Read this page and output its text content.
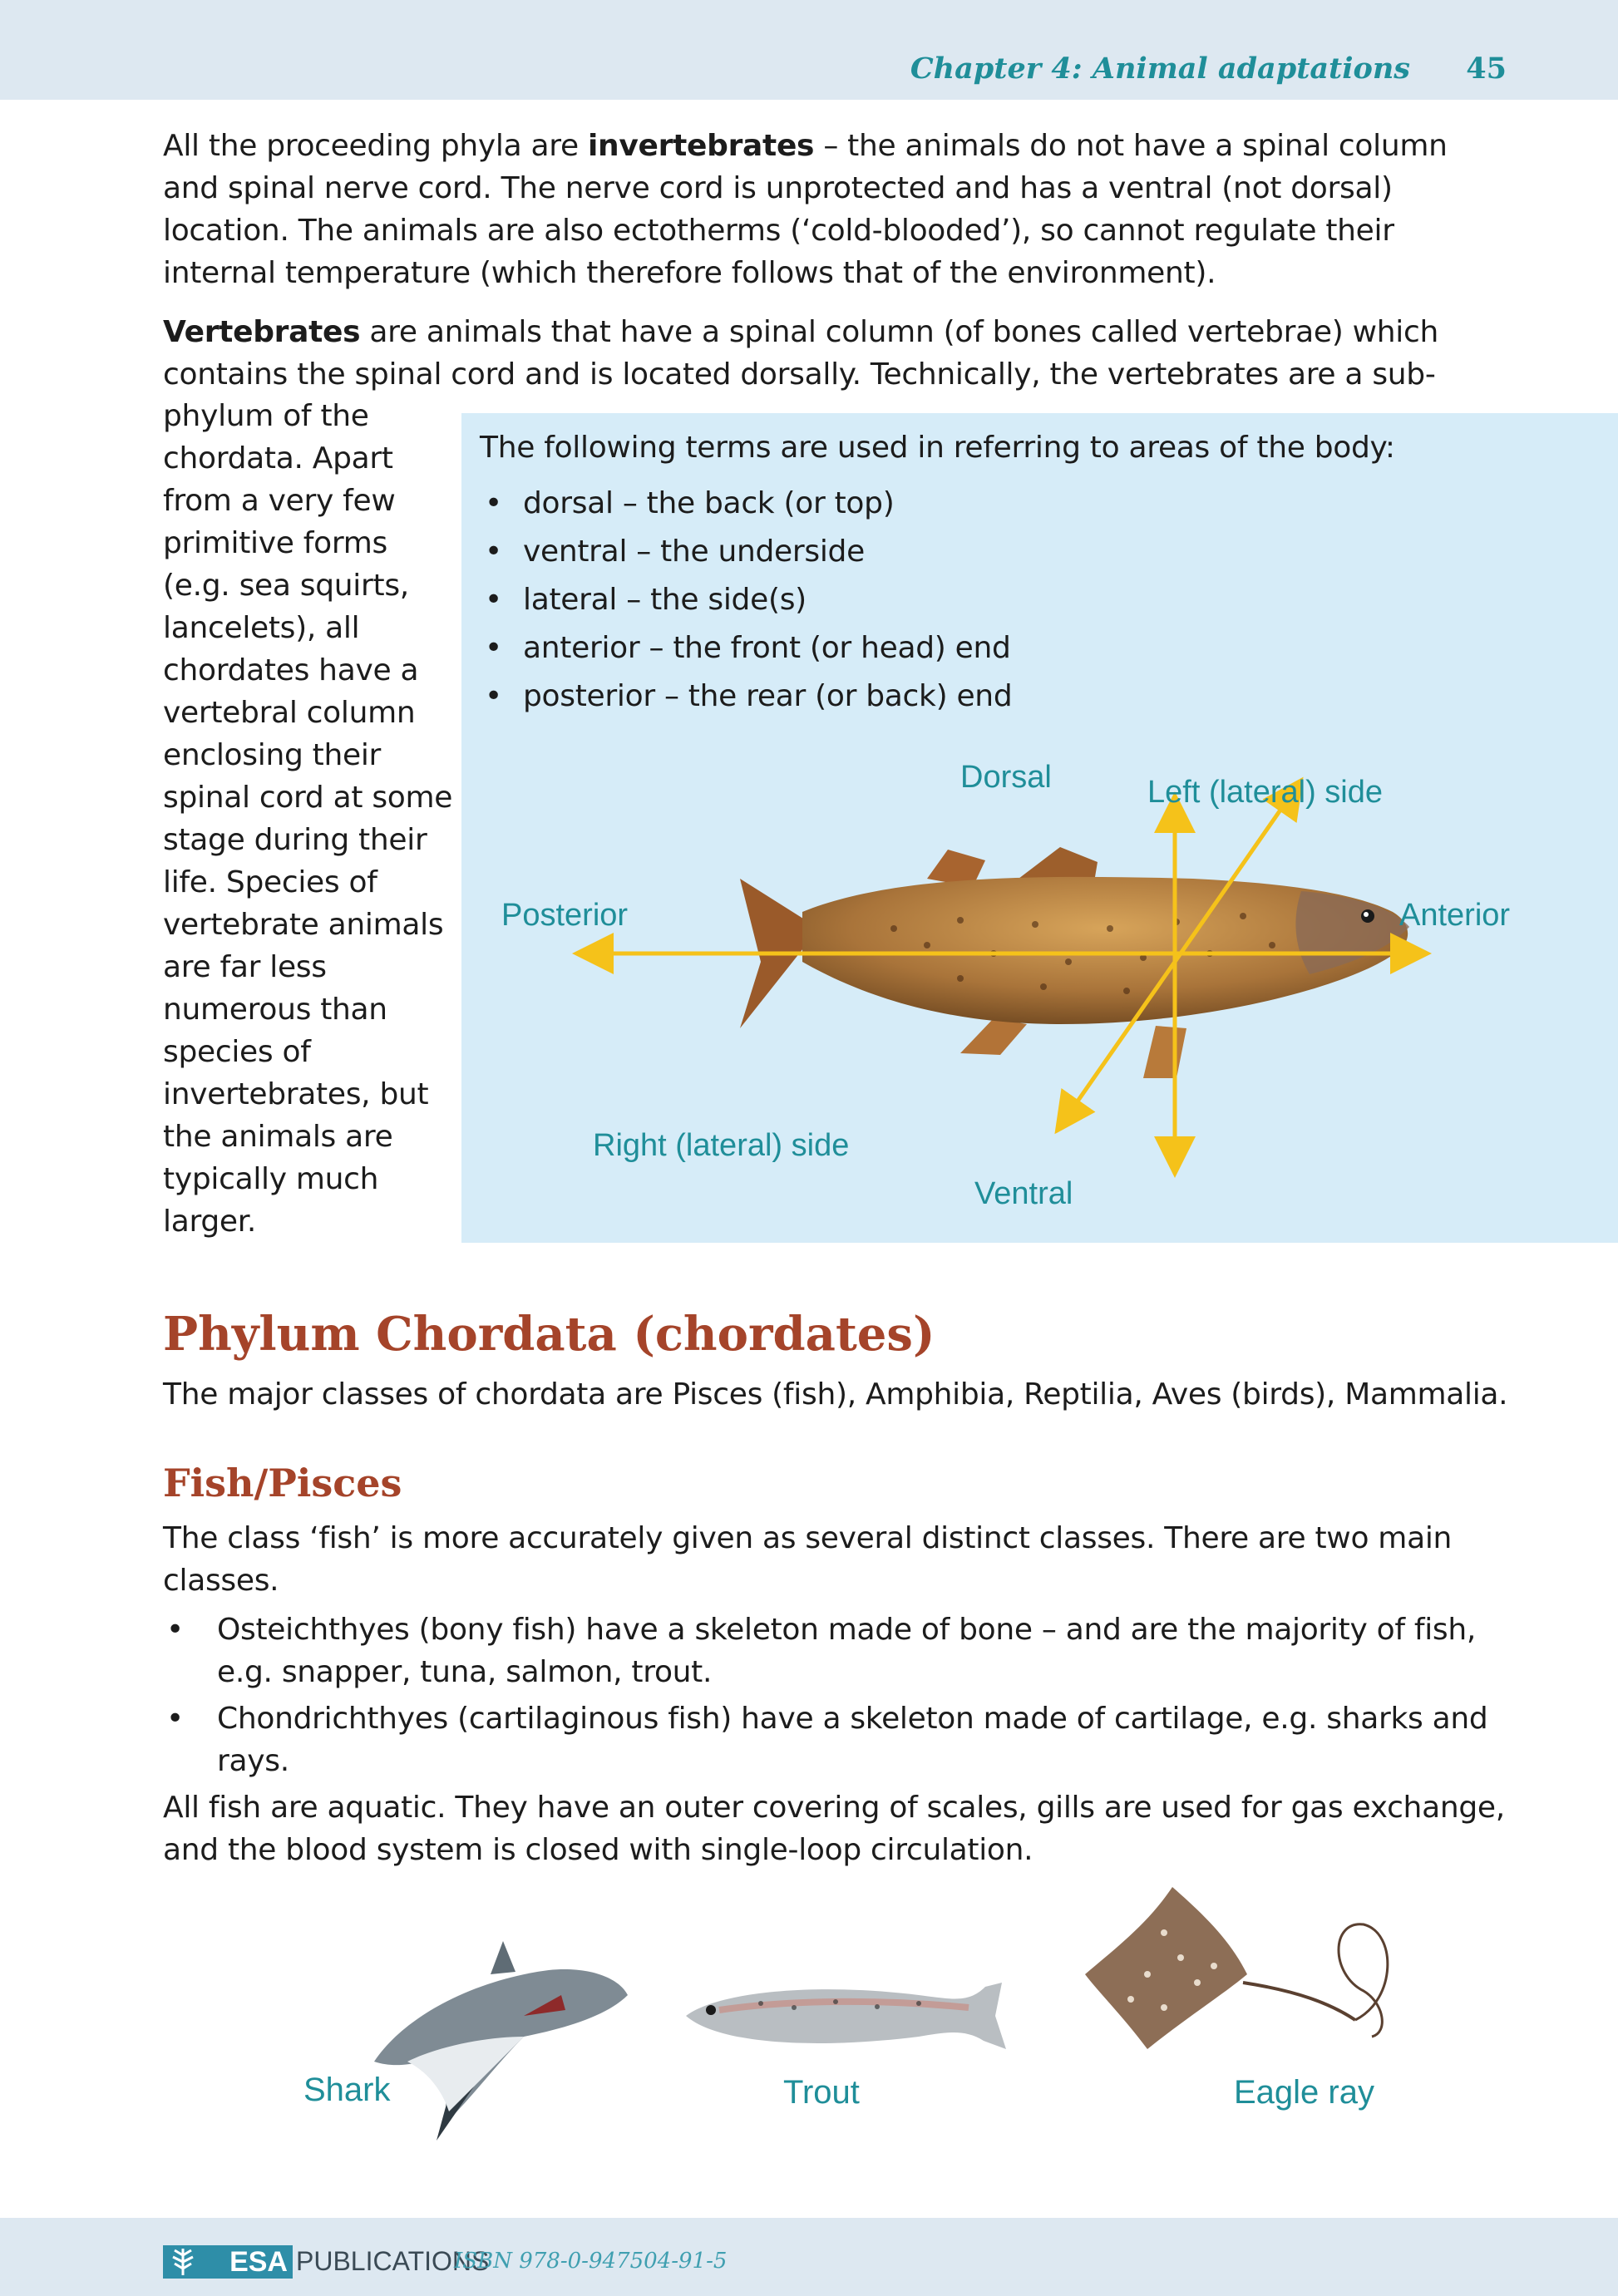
Chapter 4: Animal adaptations 45

All the proceeding phyla are invertebrates – the animals do not have a spinal column and spinal nerve cord. The nerve cord is unprotected and has a ventral (not dorsal) location. The animals are also ectotherms (‘cold-blooded’), so cannot regulate their internal temperature (which therefore follows that of the environment).

Vertebrates are animals that have a spinal column (of bones called vertebrae) which contains the spinal cord and is located dorsally. Technically, the vertebrates are a sub-

The following terms are used in referring to areas of the body:
• dorsal – the back (or top)
• ventral – the underside
• lateral – the side(s)
• anterior – the front (or head) end
• posterior – the rear (or back) end
Dorsal	Left (lateral) side
Posterior	Anterior
Right (lateral) side
Ventral
phylum of the chordata. Apart from a very few primitive forms (e.g. sea squirts, lancelets), all chordates have a vertebral column enclosing their spinal cord at some stage during their life. Species of vertebrate animals are far less numerous than species of invertebrates, but the animals are typically much larger.
Phylum Chordata (chordates)

The major classes of chordata are Pisces (fish), Amphibia, Reptilia, Aves (birds), Mammalia.

Fish/Pisces

The class ‘fish’ is more accurately given as several distinct classes. There are two main classes.

• Osteichthyes (bony fish) have a skeleton made of bone – and are the majority of fish, e.g. snapper, tuna, salmon, trout.
• Chondrichthyes (cartilaginous fish) have a skeleton made of cartilage, e.g. sharks and rays.

All fish are aquatic. They have an outer covering of scales, gills are used for gas exchange, and the blood system is closed with single-loop circulation.

Shark	Trout	Eagle ray
ESA PUBLICATIONS
ISBN 978-0-947504-91-5
